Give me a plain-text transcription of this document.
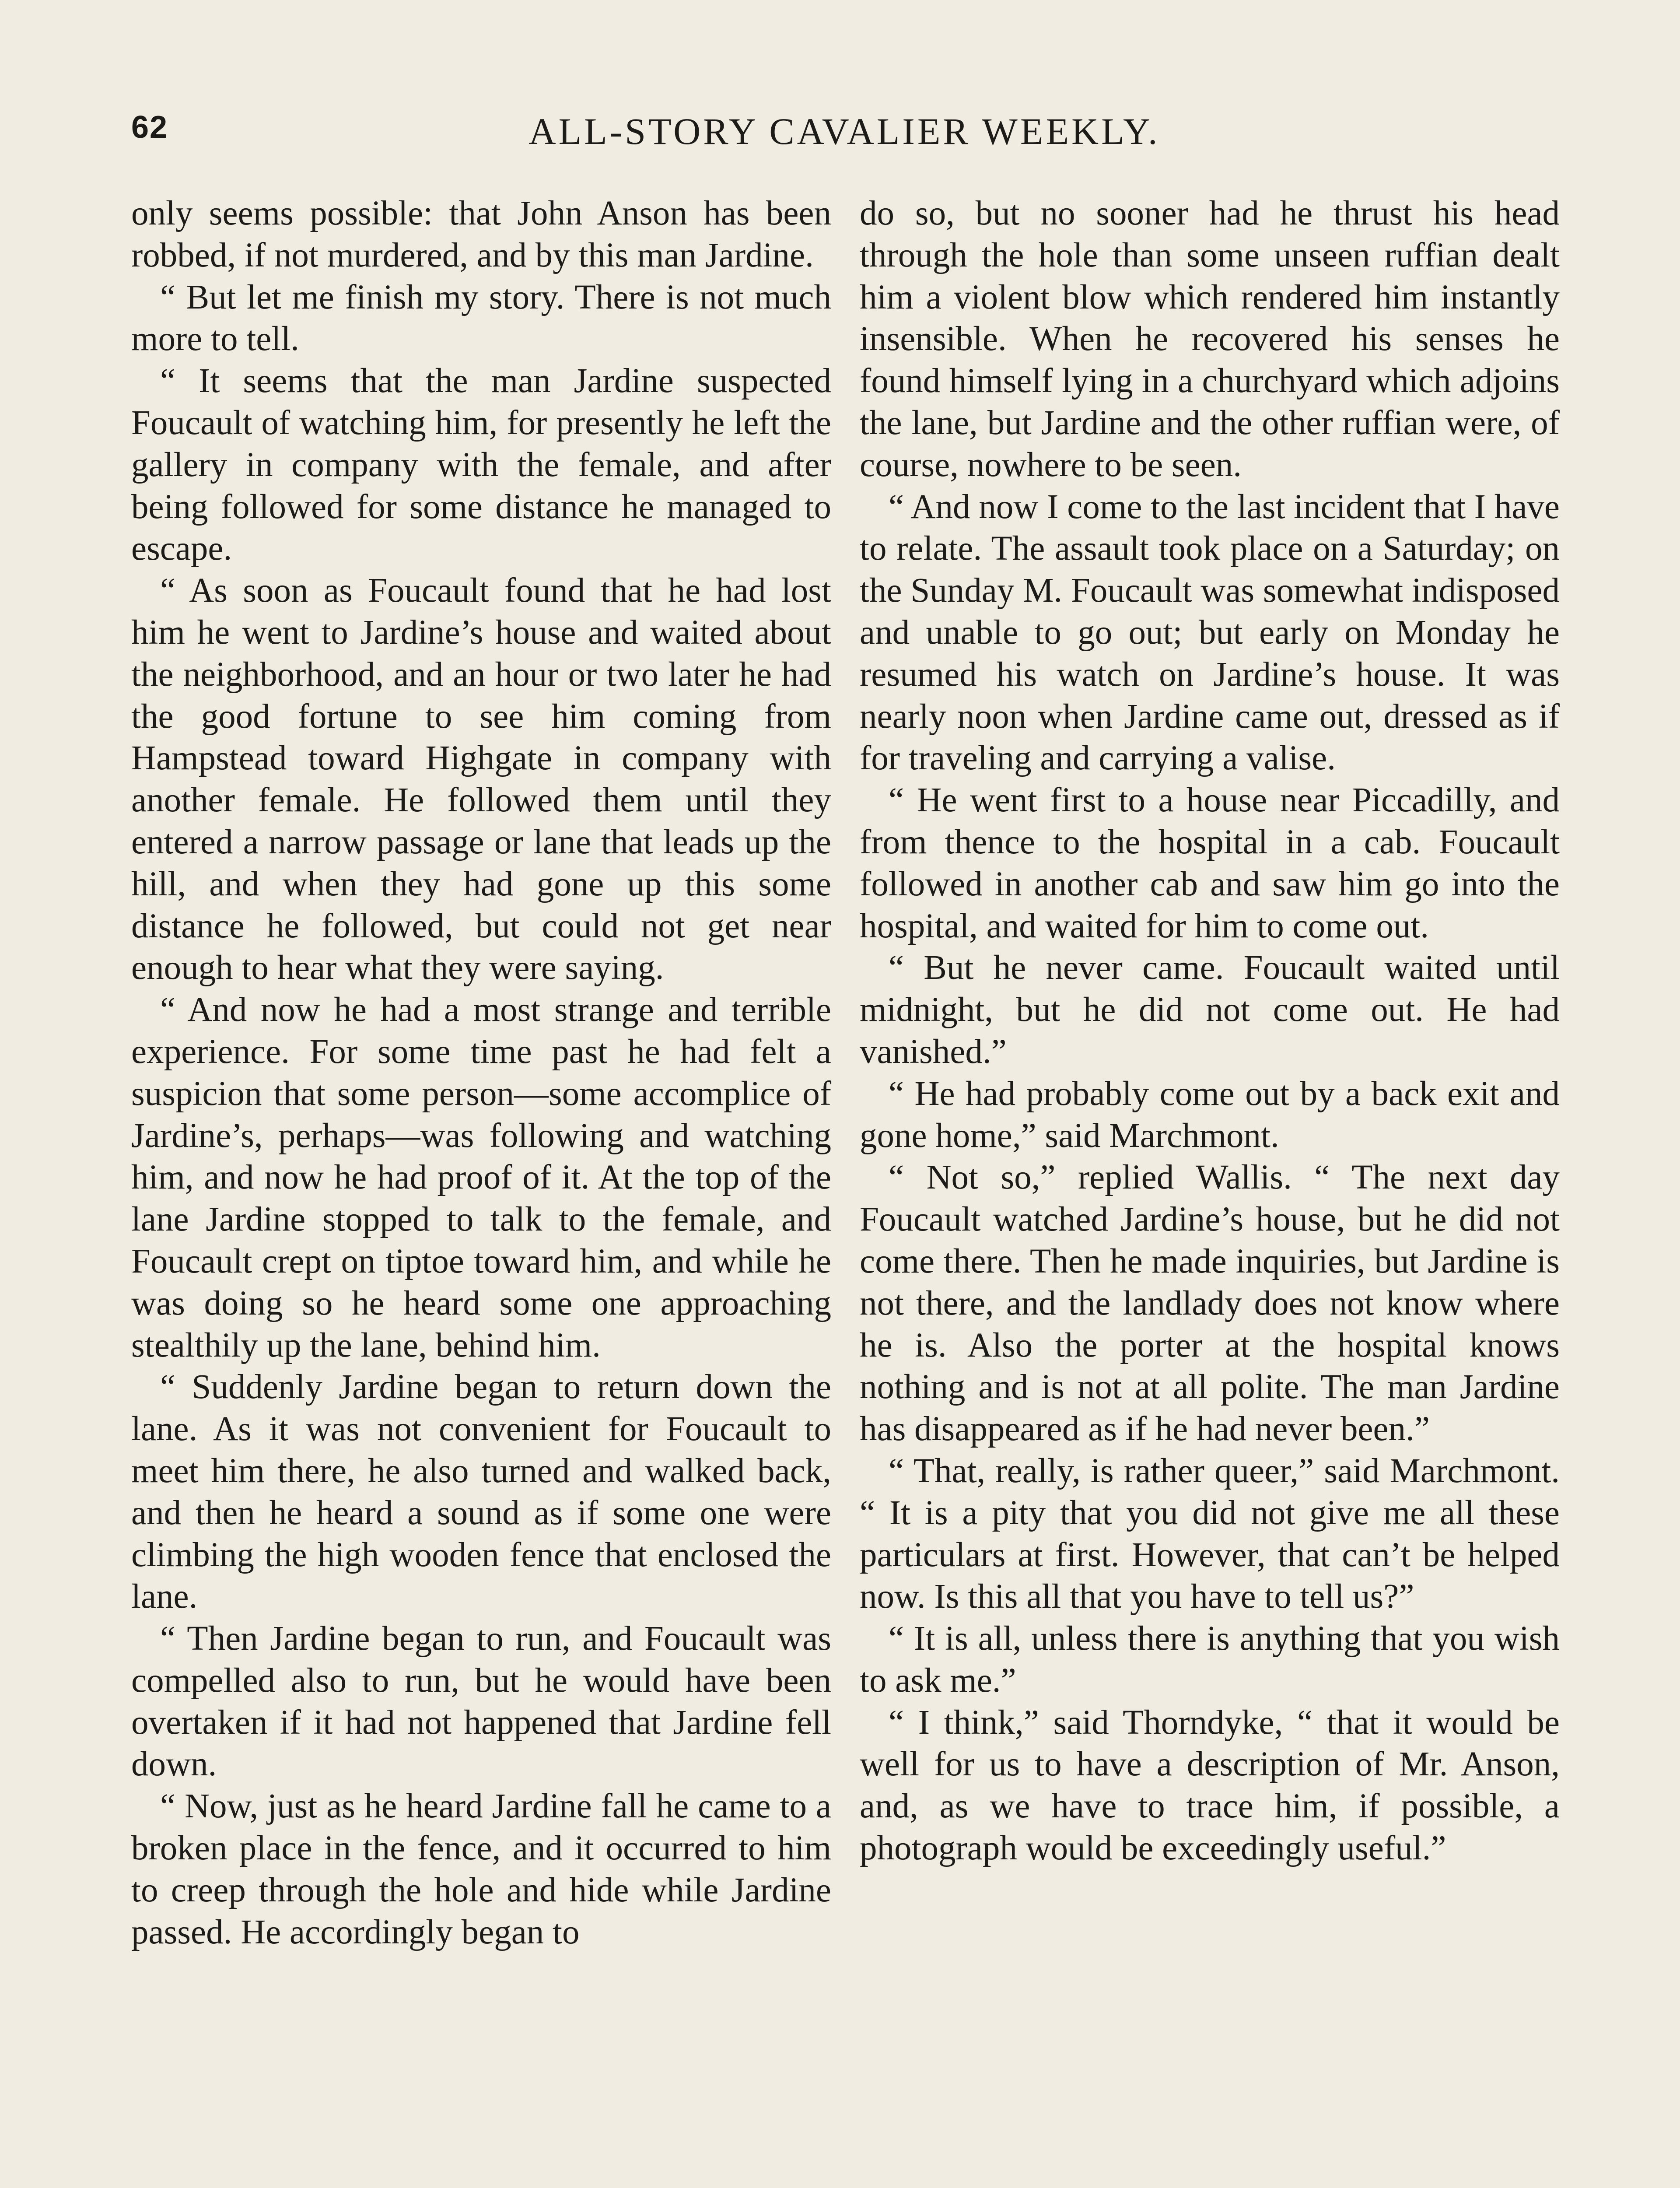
62	ALL-STORY CAVALIER WEEKLY.

only seems possible: that John Anson has been robbed, if not murdered, and by this man Jardine.

“ But let me finish my story. There is not much more to tell.

“ It seems that the man Jardine suspected Foucault of watching him, for presently he left the gallery in company with the female, and after being followed for some distance he managed to escape.

“ As soon as Foucault found that he had lost him he went to Jardine’s house and waited about the neighborhood, and an hour or two later he had the good fortune to see him coming from Hampstead toward Highgate in company with another female. He followed them until they entered a narrow passage or lane that leads up the hill, and when they had gone up this some distance he followed, but could not get near enough to hear what they were saying.

“ And now he had a most strange and terrible experience. For some time past he had felt a suspicion that some person—some accomplice of Jardine’s, perhaps—was following and watching him, and now he had proof of it. At the top of the lane Jardine stopped to talk to the female, and Foucault crept on tiptoe toward him, and while he was doing so he heard some one approaching stealthily up the lane, behind him.

“ Suddenly Jardine began to return down the lane. As it was not convenient for Foucault to meet him there, he also turned and walked back, and then he heard a sound as if some one were climbing the high wooden fence that enclosed the lane.

“ Then Jardine began to run, and Foucault was compelled also to run, but he would have been overtaken if it had not happened that Jardine fell down.

“ Now, just as he heard Jardine fall he came to a broken place in the fence, and it occurred to him to creep through the hole and hide while Jardine passed. He accordingly began to

do so, but no sooner had he thrust his head through the hole than some unseen ruffian dealt him a violent blow which rendered him instantly insensible. When he recovered his senses he found himself lying in a churchyard which adjoins the lane, but Jardine and the other ruffian were, of course, nowhere to be seen.

“ And now I come to the last incident that I have to relate. The assault took place on a Saturday; on the Sunday M. Foucault was somewhat indisposed and unable to go out; but early on Monday he resumed his watch on Jardine’s house. It was nearly noon when Jardine came out, dressed as if for traveling and carrying a valise.

“ He went first to a house near Piccadilly, and from thence to the hospital in a cab. Foucault followed in another cab and saw him go into the hospital, and waited for him to come out.

“ But he never came. Foucault waited until midnight, but he did not come out. He had vanished.”

“ He had probably come out by a back exit and gone home,” said Marchmont.

“ Not so,” replied Wallis. “ The next day Foucault watched Jardine’s house, but he did not come there. Then he made inquiries, but Jardine is not there, and the landlady does not know where he is. Also the porter at the hospital knows nothing and is not at all polite. The man Jardine has disappeared as if he had never been.”

“ That, really, is rather queer,” said Marchmont. “ It is a pity that you did not give me all these particulars at first. However, that can’t be helped now. Is this all that you have to tell us?”

“ It is all, unless there is anything that you wish to ask me.”

“ I think,” said Thorndyke, “ that it would be well for us to have a description of Mr. Anson, and, as we have to trace him, if possible, a photograph would be exceedingly useful.”
